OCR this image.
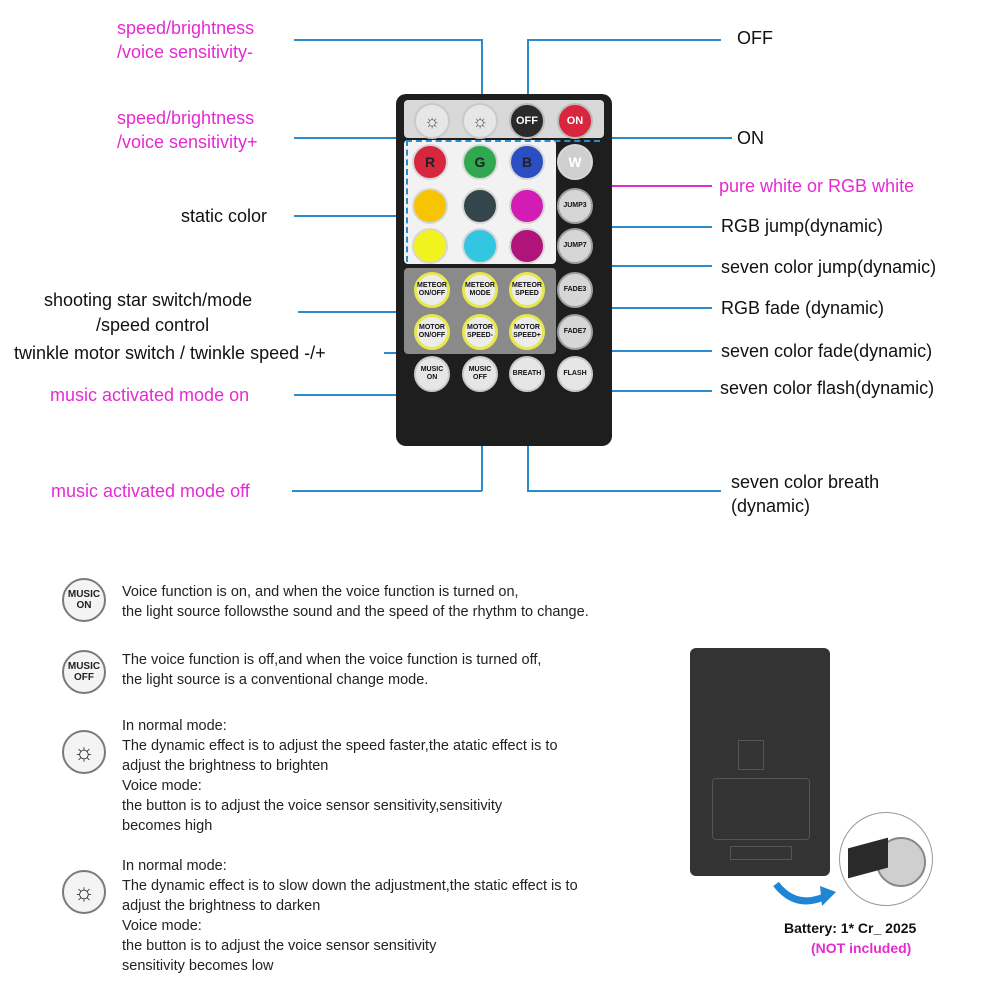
speed/brightness
/voice sensitivity-
speed/brightness
/voice sensitivity+
static color
shooting star switch/mode
/speed control
twinkle motor switch / twinkle speed -/+
music activated mode on
music activated mode off
OFF
ON
pure white or RGB white
RGB jump(dynamic)
seven color jump(dynamic)
RGB fade (dynamic)
seven color fade(dynamic)
seven color flash(dynamic)
seven color breath
(dynamic)
☼ ☼	OFF	ON
R	G	B	W
JUMP3
JUMP7
METEOR ON/OFF
METEOR MODE
METEOR SPEED
FADE3
MOTOR ON/OFF
MOTOR SPEED-
MOTOR SPEED+
FADE7
MUSIC ON
MUSIC OFF
BREATH	FLASH
MUSIC
ON
Voice function is on, and when the voice function is turned on,
the light source followsthe sound and the speed of the rhythm to change.
MUSIC
OFF
The voice function is off,and when the voice function is turned off,
the light source is a conventional change mode.
☼
In normal mode:
The dynamic effect is to adjust the speed faster,the atatic effect is to
adjust the brightness to brighten
Voice mode:
the button is to adjust the voice sensor sensitivity,sensitivity
becomes high
☼
In normal mode:
The dynamic effect is to slow down the adjustment,the static effect is to
adjust the brightness to darken
Voice mode:
the button is to adjust the voice sensor sensitivity
sensitivity becomes low
Battery: 1* Cr_ 2025
(NOT included)
